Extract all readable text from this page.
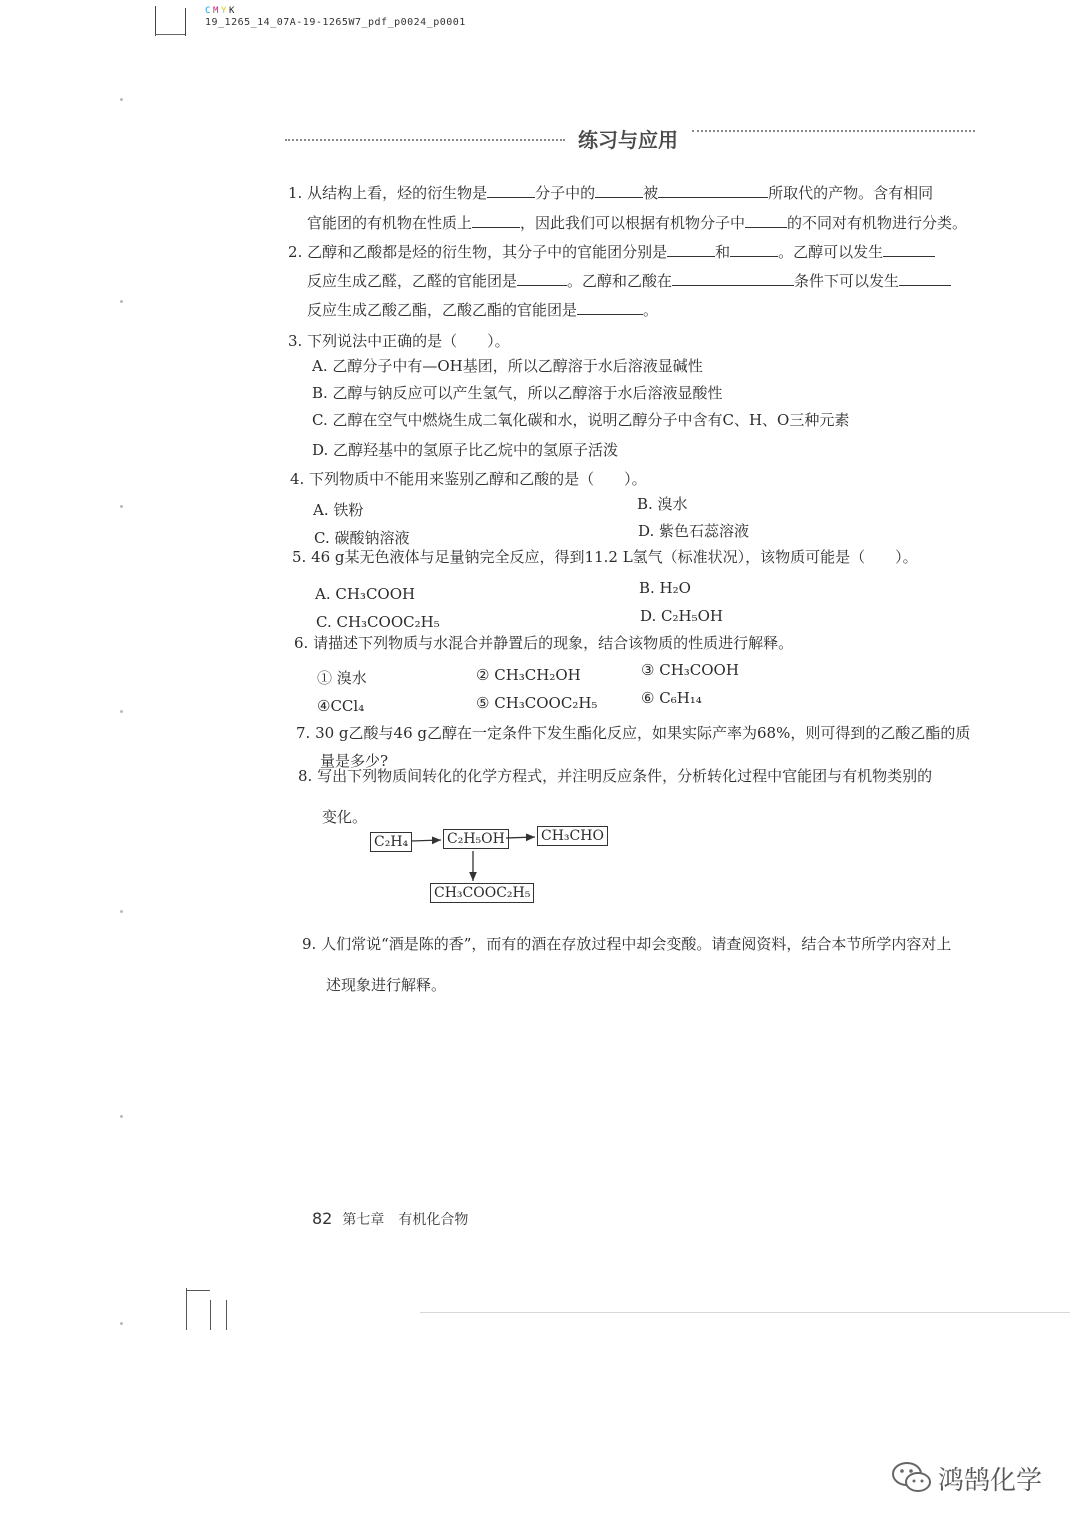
C M Y K
19_1265_14_07A-19-1265W7_pdf_p0024_p0001
练习与应用
1. 从结构上看，烃的衍生物是	分子中的	被	所取代的产物。含有相同
官能团的有机物在性质上	，因此我们可以根据有机物分子中	的不同对有机物进行分类。
2. 乙醇和乙酸都是烃的衍生物，其分子中的官能团分别是	和	。乙醇可以发生
反应生成乙醛，乙醛的官能团是	。乙醇和乙酸在	条件下可以发生
反应生成乙酸乙酯，乙酸乙酯的官能团是	。
3. 下列说法中正确的是（　　）。
A. 乙醇分子中有—OH基团，所以乙醇溶于水后溶液显碱性
B. 乙醇与钠反应可以产生氢气，所以乙醇溶于水后溶液显酸性
C. 乙醇在空气中燃烧生成二氧化碳和水，说明乙醇分子中含有C、H、O三种元素
D. 乙醇羟基中的氢原子比乙烷中的氢原子活泼
4. 下列物质中不能用来鉴别乙醇和乙酸的是（　　）。
A. 铁粉	B. 溴水
C. 碳酸钠溶液	D. 紫色石蕊溶液
5. 46 g某无色液体与足量钠完全反应，得到11.2 L氢气（标准状况），该物质可能是（　　）。
A. CH₃COOH	B. H₂O
C. CH₃COOC₂H₅	D. C₂H₅OH
6. 请描述下列物质与水混合并静置后的现象，结合该物质的性质进行解释。
① 溴水	② CH₃CH₂OH	③ CH₃COOH
④CCl₄	⑤ CH₃COOC₂H₅	⑥ C₆H₁₄
7. 30 g乙酸与46 g乙醇在一定条件下发生酯化反应，如果实际产率为68%，则可得到的乙酸乙酯的质
量是多少?
8. 写出下列物质间转化的化学方程式，并注明反应条件，分析转化过程中官能团与有机物类别的
变化。
C₂H₄	C₂H₅OH	CH₃CHO
CH₃COOC₂H₅
9. 人们常说“酒是陈的香”，而有的酒在存放过程中却会变酸。请查阅资料，结合本节所学内容对上
述现象进行解释。
82 第七章 有机化合物
鸿鹄化学
